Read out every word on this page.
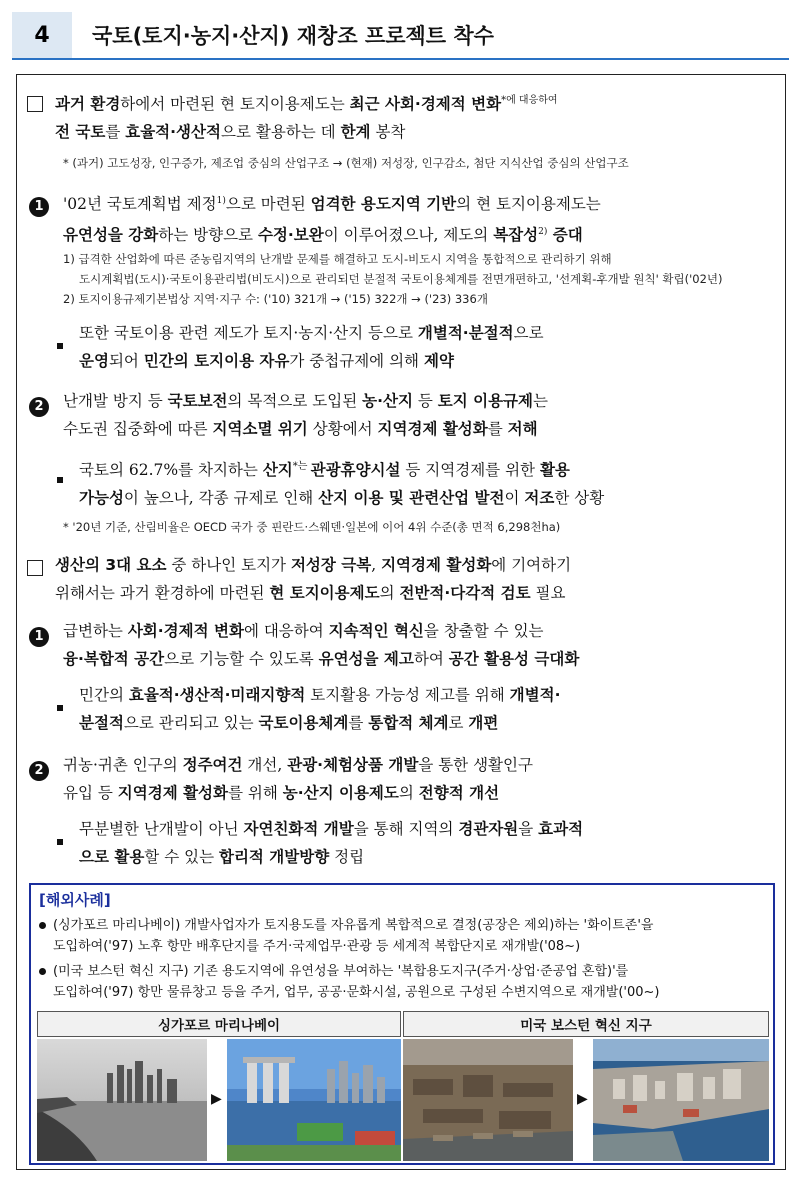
4	국토(토지·농지·산지) 재창조 프로젝트 착수
과거 환경하에서 마련된 현 토지이용제도는 최근 사회·경제적 변화$^{*에 대응하여}$
전 국토를 효율적·생산적으로 활용하는 데 한계 봉착
* (과거) 고도성장, 인구증가, 제조업 중심의 산업구조 → (현재) 저성장, 인구감소, 첨단 지식산업 중심의 산업구조
1	'02년 국토계획법 제정$^{1)}$으로 마련된 엄격한 용도지역 기반의 현 토지이용제도는
유연성을 강화하는 방향으로 수정·보완이 이루어졌으나, 제도의 복잡성$^{2)}$ 증대
1) 급격한 산업화에 따른 준농림지역의 난개발 문제를 해결하고 도시-비도시 지역을 통합적으로 관리하기 위해
도시계획법(도시)·국토이용관리법(비도시)으로 관리되던 분절적 국토이용체계를 전면개편하고, '선계획-후개발 원칙' 확립('02년)
2) 토지이용규제기본법상 지역·지구 수: ('10) 321개 → ('15) 322개 → ('23) 336개
또한 국토이용 관련 제도가 토지·농지·산지 등으로 개별적·분절적으로
운영되어 민간의 토지이용 자유가 중첩규제에 의해 제약
2	난개발 방지 등 국토보전의 목적으로 도입된 농·산지 등 토지 이용규제는
수도권 집중화에 따른 지역소멸 위기 상황에서 지역경제 활성화를 저해
국토의 62.7%를 차지하는 산지$^{*는}$ 관광휴양시설 등 지역경제를 위한 활용
가능성이 높으나, 각종 규제로 인해 산지 이용 및 관련산업 발전이 저조한 상황
* '20년 기준, 산림비율은 OECD 국가 중 핀란드·스웨덴·일본에 이어 4위 수준(총 면적 6,298천ha)
생산의 3대 요소 중 하나인 토지가 저성장 극복, 지역경제 활성화에 기여하기
위해서는 과거 환경하에 마련된 현 토지이용제도의 전반적·다각적 검토 필요
1	급변하는 사회·경제적 변화에 대응하여 지속적인 혁신을 창출할 수 있는
융·복합적 공간으로 기능할 수 있도록 유연성을 제고하여 공간 활용성 극대화
민간의 효율적·생산적·미래지향적 토지활용 가능성 제고를 위해 개별적·
분절적으로 관리되고 있는 국토이용체계를 통합적 체계로 개편
2	귀농·귀촌 인구의 정주여건 개선, 관광·체험상품 개발을 통한 생활인구
유입 등 지역경제 활성화를 위해 농·산지 이용제도의 전향적 개선
무분별한 난개발이 아닌 자연친화적 개발을 통해 지역의 경관자원을 효과적
으로 활용할 수 있는 합리적 개발방향 정립
[해외사례]
(싱가포르 마리나베이) 개발사업자가 토지용도를 자유롭게 복합적으로 결정(공장은 제외)하는 '화이트존'을
도입하여('97) 노후 항만 배후단지를 주거·국제업무·관광 등 세계적 복합단지로 재개발('08~)
(미국 보스턴 혁신 지구) 기존 용도지역에 유연성을 부여하는 '복합용도지구(주거·상업·준공업 혼합)'를
도입하여('97) 항만 물류창고 등을 주거, 업무, 공공·문화시설, 공원으로 구성된 수변지역으로 재개발('00~)
싱가포르 마리나베이	미국 보스턴 혁신 지구
▶	▶
